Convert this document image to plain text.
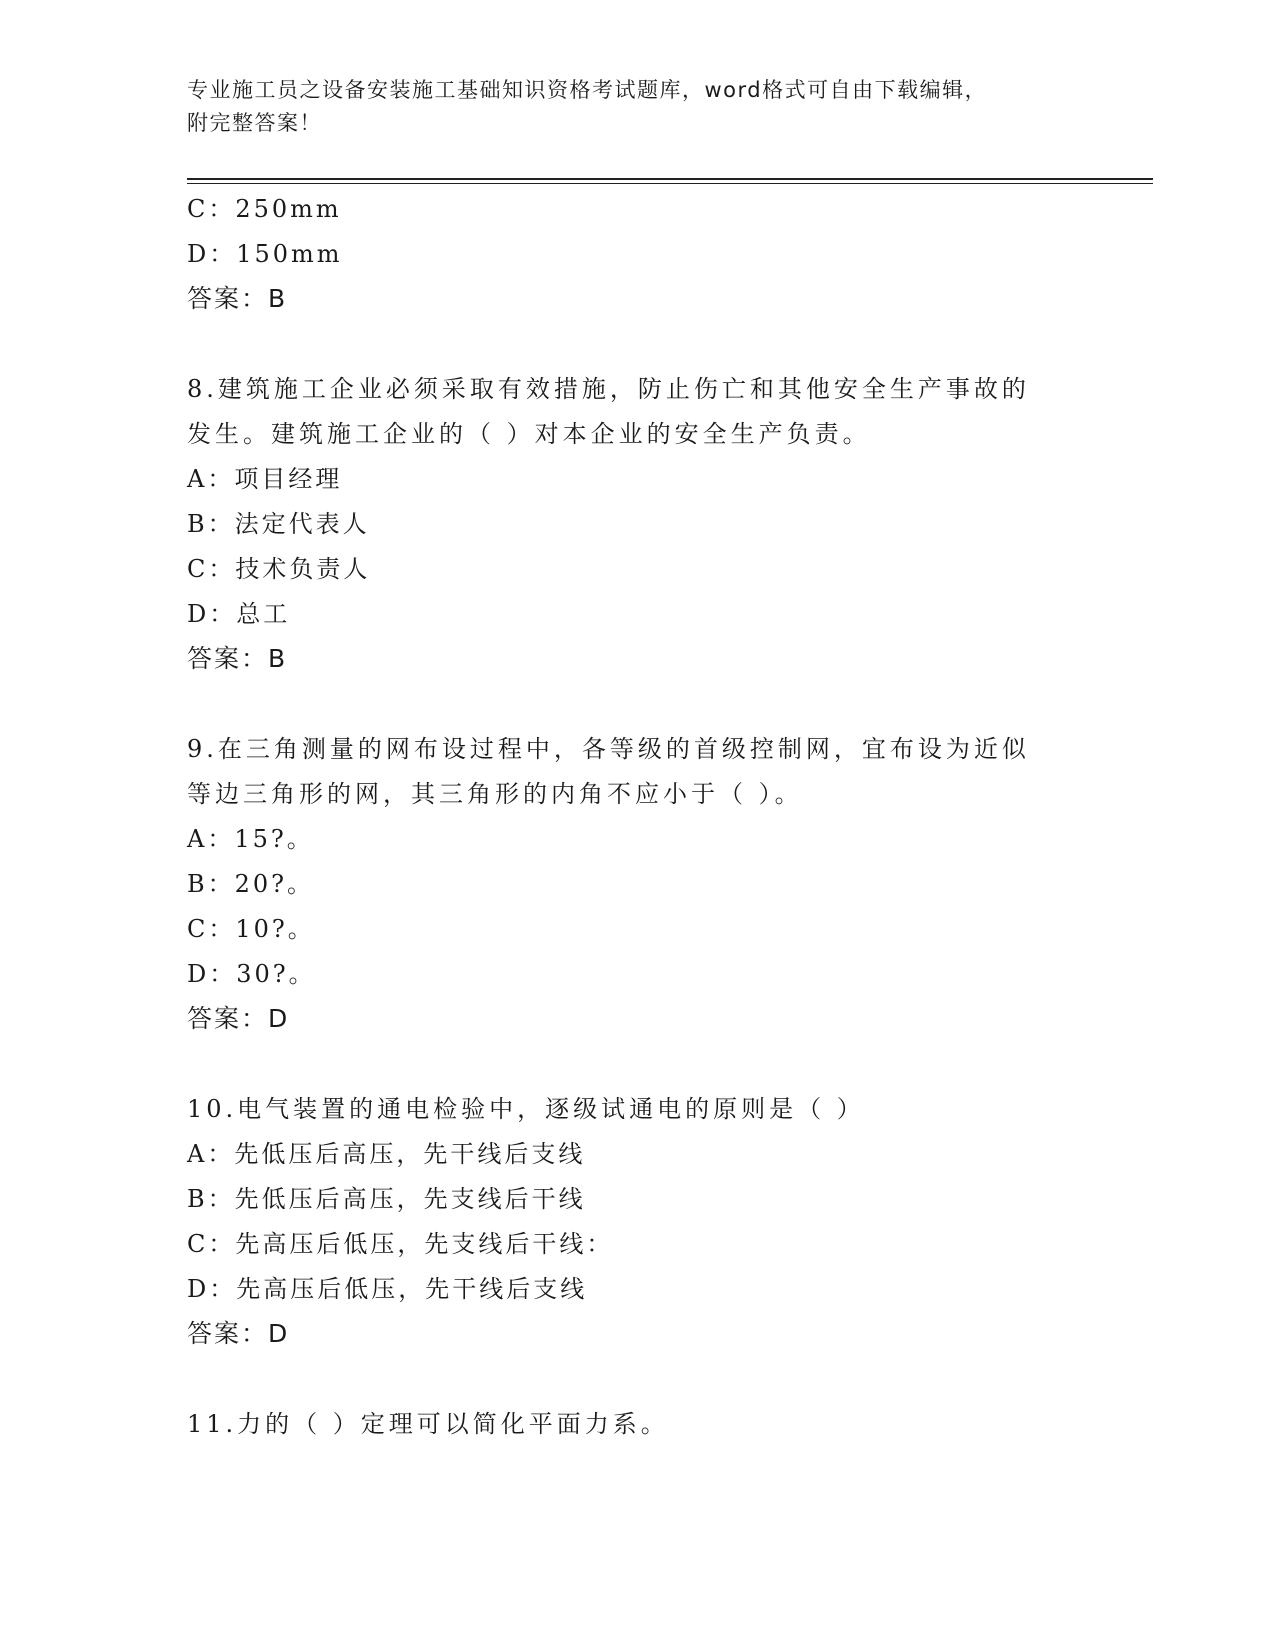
专业施工员之设备安装施工基础知识资格考试题库，word格式可自由下载编辑，
附完整答案！
C：250mm
D：150mm
答案：B
8.建筑施工企业必须采取有效措施，防止伤亡和其他安全生产事故的
发生。建筑施工企业的（ ）对本企业的安全生产负责。
A：项目经理
B：法定代表人
C：技术负责人
D：总工
答案：B
9.在三角测量的网布设过程中，各等级的首级控制网，宜布设为近似
等边三角形的网，其三角形的内角不应小于（ ）。
A：15?。
B：20?。
C：10?。
D：30?。
答案：D
10.电气装置的通电检验中，逐级试通电的原则是（ ）
A：先低压后高压，先干线后支线
B：先低压后高压，先支线后干线
C：先高压后低压，先支线后干线：
D：先高压后低压，先干线后支线
答案：D
11.力的（ ）定理可以简化平面力系。
